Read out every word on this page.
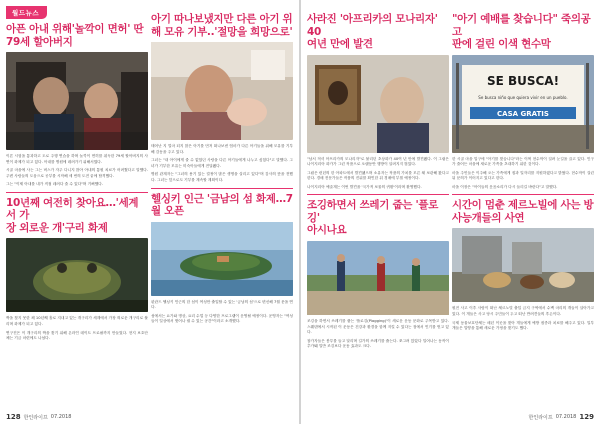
월드뉴스
아픈 아내 위해'놀깍이 면허' 딴
79세 할아버지

이론 시험을 통과하고 도로 주행 연습을 하며 놀깍이 면허를 취득한 79세 할아버지의 사연이 화제가 되고 있다. 아내를 병원에 데려가기 위해서였다.

시골 마을에 사는 그는 버스가 자주 다니지 않아 아내의 통원 치료가 어려웠다고 말했다. 주변 사람들의 도움으로 공부를 시작해 세 번의 도전 끝에 합격했다.

그는 "이제 아내를 내가 직접 데려다 줄 수 있다"며 기뻐했다.

10년째 여전히 찾아요…'세계서 가
장 외로운 개'구리 화제

짝을 찾지 못한 채 10년째 홀로 지내고 있는 개구리가 세계에서 가장 외로운 개구리로 불리며 화제가 되고 있다.

연구진은 이 개구리의 짝을 찾기 위해 온라인 데이트 프로필까지 만들었다. 현지 보호단체는 기금 마련에도 나섰다.

아기 따나보냈지만 다른 아기 위
해 모유 기부..'절망을 희망으로'

태어난 지 얼마 되지 않은 아기를 먼저 떠나보낸 엄마가 다른 아기들을 위해 모유를 기부해 감동을 주고 있다.

그녀는 "내 아이에게 줄 수 없었던 사랑을 다른 아기들에게 나누고 싶었다"고 말했다. 그녀가 기부한 모유는 미숙아들에게 전달됐다.

병원 관계자는 "그녀의 용기 있는 결정이 많은 생명을 살리고 있다"며 감사의 뜻을 전했다. 그녀는 앞으로도 기부를 계속할 계획이다.

헬싱키 인근 '금남의 섬 화제…7
월 오픈

핀란드 헬싱키 인근의 한 섬이 여성만 출입할 수 있는 '금남의 섬'으로 변신해 7월 문을 연다.

섬에서는 요가와 명상, 요리 수업 등 다양한 프로그램이 운영될 예정이다. 운영자는 "여성들이 일상에서 벗어나 쉴 수 있는 공간"이라고 소개했다.

사라진 '아프리카의 모나리자' 40
여년 만에 발견

"남서 적셔 아프리카의 모나리자"로 불리던 초상화가 40여 년 만에 발견됐다. 이 그림은 나이지리아 화가가 그린 작품으로 오랫동안 행방이 알려지지 않았다.

그림은 런던의 한 아파트에서 발견됐으며 소유자는 작품의 가치를 모른 채 보관해 왔다고 한다. 경매 전문가들은 작품의 진위를 확인한 뒤 경매에 부칠 예정이다.

나이지리아 예술계는 이번 발견을 '국가적 보물의 귀환'이라며 환영했다.

조깅하면서 쓰레기 줍는 '플로깅'
아시나요

조깅을 하면서 쓰레기를 줍는 '플로깅(Plogging)'이 새로운 운동 문화로 주목받고 있다. 스웨덴에서 시작된 이 운동은 건강과 환경을 함께 지킬 수 있다는 점에서 인기를 얻고 있다.

참가자들은 봉투를 들고 달리며 길가의 쓰레기를 줍는다. 쪼그려 앉았다 일어나는 동작이 추가돼 일반 조깅보다 운동 효과도 크다.

"아기 예배를 찾습니다" 죽의공고
판에 걸린 이색 현수막
SE BUSCA!
Se busca niño que quiera vivir en un pueblo.
CASA GRATIS

한 시골 마을 입구에 "아기를 찾습니다"라는 이색 현수막이 걸려 눈길을 끌고 있다. 인구가 줄어든 마을에 새로운 가족을 초대하기 위한 것이다.

마을 주민들은 이주해 오는 가족에게 집과 일자리를 지원하겠다고 밝혔다. 현수막이 걸린 뒤 문의가 이어지고 있다고 한다.

마을 이장은 "아이들의 웃음소리가 다시 들리길 바란다"고 말했다.

시간이 멈춘 제르노빌에 사는 방
사능개들의 사연

원전 사고 이후 사람이 떠난 체르노빌 출입 금지 구역에서 수백 마리의 개들이 살아가고 있다. 이 개들은 사고 당시 주민들이 두고 떠난 반려견들의 후손이다.

국제 동물보호단체는 매년 이곳을 찾아 개들에게 예방 접종과 치료를 해주고 있다. 일부 개들은 입양을 통해 새로운 가정을 찾기도 했다.

128 한인라이프 07.2018	한인라이프 07.2018 129
